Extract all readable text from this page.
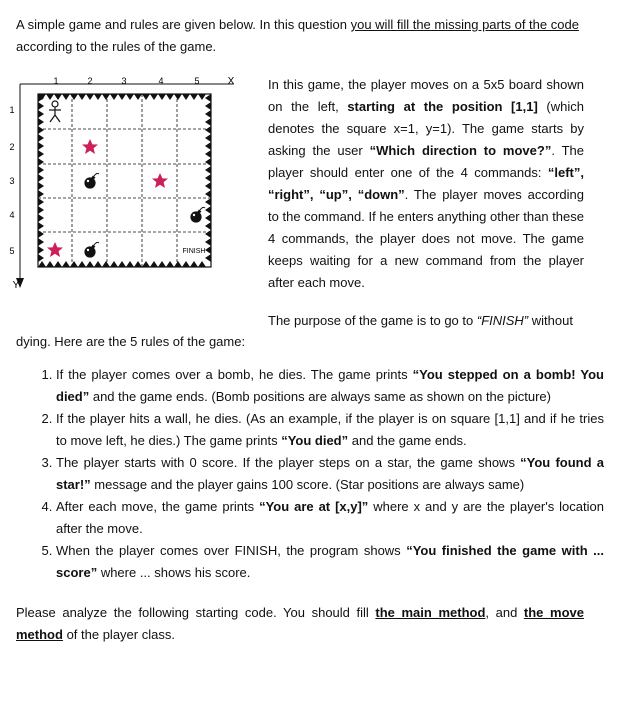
A simple game and rules are given below. In this question you will fill the missing parts of the code
according to the rules of the game.
1	2	3	4	5	X
1
2
3
4
5
Y
FINISH
In this game, the player moves on a 5x5 board shown on the left, starting at the position [1,1] (which denotes the square x=1, y=1). The game starts by asking the user “Which direction to move?”. The player should enter one of the 4 commands: “left”, “right”, “up”, “down”. The player moves according to the command. If he enters anything other than these 4 commands, the player does not move. The game keeps waiting for a new command from the player after each move.
The purpose of the game is to go to “FINISH” without
dying. Here are the 5 rules of the game:
1. If the player comes over a bomb, he dies. The game prints “You stepped on a bomb! You died” and the game ends. (Bomb positions are always same as shown on the picture)
2. If the player hits a wall, he dies. (As an example, if the player is on square [1,1] and if he tries to move left, he dies.) The game prints “You died” and the game ends.
3. The player starts with 0 score. If the player steps on a star, the game shows “You found a star!” message and the player gains 100 score. (Star positions are always same)
4. After each move, the game prints “You are at [x,y]” where x and y are the player's location after the move.
5. When the player comes over FINISH, the program shows “You finished the game with ... score” where ... shows his score.
Please analyze the following starting code. You should fill the main method, and the move method of the player class.
